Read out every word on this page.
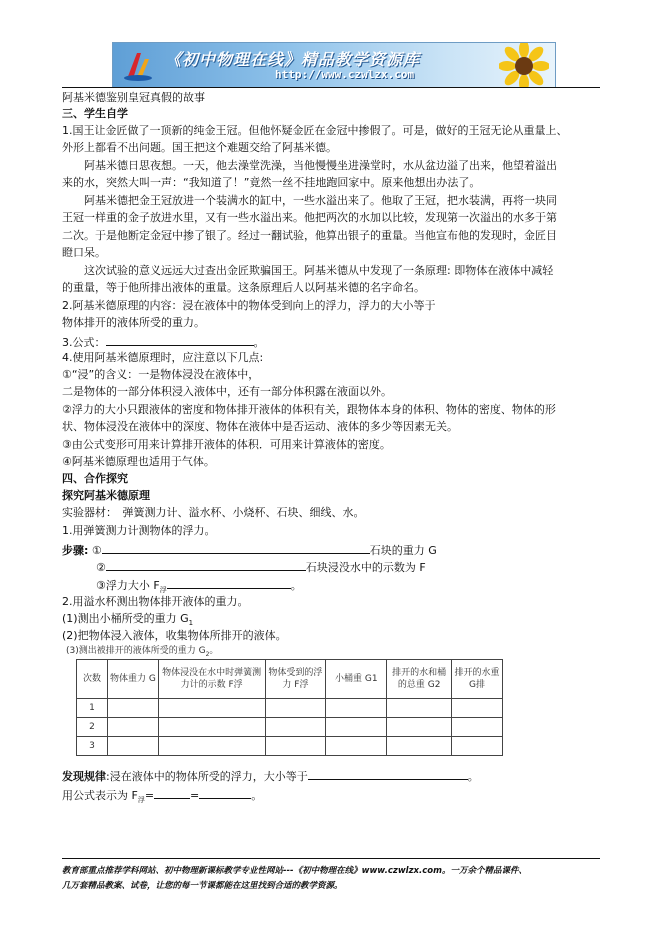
《初中物理在线》精品教学资源库
http://www.czwlzx.com
阿基米德鉴别皇冠真假的故事
三、学生自学
1.国王让金匠做了一顶新的纯金王冠。但他怀疑金匠在金冠中掺假了。可是，做好的王冠无论从重量上、
外形上都看不出问题。国王把这个难题交给了阿基米德。
阿基米德日思夜想。一天，他去澡堂洗澡，当他慢慢坐进澡堂时，水从盆边溢了出来，他望着溢出
来的水，突然大叫一声：“我知道了！”竟然一丝不挂地跑回家中。原来他想出办法了。
阿基米德把金王冠放进一个装满水的缸中，一些水溢出来了。他取了王冠，把水装满，再将一块同
王冠一样重的金子放进水里，又有一些水溢出来。他把两次的水加以比较，发现第一次溢出的水多于第
二次。于是他断定金冠中掺了银了。经过一翻试验，他算出银子的重量。当他宣布他的发现时，金匠目
瞪口呆。
这次试验的意义远远大过查出金匠欺骗国王。阿基米德从中发现了一条原理: 即物体在液体中减轻
的重量，等于他所排出液体的重量。这条原理后人以阿基米德的名字命名。
2.阿基米德原理的内容：浸在液体中的物体受到向上的浮力，浮力的大小等于
物体排开的液体所受的重力。
3.公式：	。
4.使用阿基米德原理时，应注意以下几点:
①“浸”的含义：一是物体浸没在液体中，
二是物体的一部分体积浸入液体中，还有一部分体积露在液面以外。
②浮力的大小只跟液体的密度和物体排开液体的体积有关，跟物体本身的体积、物体的密度、物体的形
状、物体浸没在液体中的深度、物体在液体中是否运动、液体的多少等因素无关。
③由公式变形可用来计算排开液体的体积．可用来计算液体的密度。
④阿基米德原理也适用于气体。
四、合作探究
探究阿基米德原理
实验器材：　弹簧测力计、溢水杯、小烧杯、石块、细线、水。
1.用弹簧测力计测物体的浮力。
步骤: ①	石块的重力 G
②	石块浸没水中的示数为 F
③浮力大小 $F_浮$	。
2.用溢水杯测出物体排开液体的重力。
(1)测出小桶所受的重力 $G_1$
(2)把物体浸入液体，收集物体所排开的液体。
(3)测出被排开的液体所受的重力 $G_2$。
次数	物体重力 G	物体浸没在水中时弹簧测力计的示数 F浮	物体受到的浮力 F浮	小桶重 G1	排开的水和桶的总重 G2	排开的水重 G排
1						
2						
3						
发现规律:浸在液体中的物体所受的浮力，大小等于	。
用公式表示为 $F_浮=$	=	。
教育部重点推荐学科网站、初中物理新课标教学专业性网站---《初中物理在线》www.czwlzx.com。一万余个精品课件、
几万套精品教案、试卷，让您的每一节课都能在这里找到合适的教学资源。
